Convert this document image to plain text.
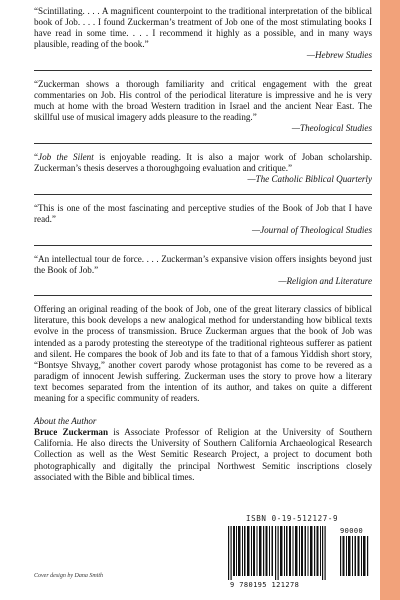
“Scintillating. . . . A magnificent counterpoint to the traditional interpretation of the biblical book of Job. . . . I found Zuckerman’s treatment of Job one of the most stimulating books I have read in some time. . . . I recommend it highly as a possible, and in many ways plausible, reading of the book.”
—Hebrew Studies
“Zuckerman shows a thorough familiarity and critical engagement with the great commentaries on Job. His control of the periodical literature is impressive and he is very much at home with the broad Western tradition in Israel and the ancient Near East. The skillful use of musical imagery adds pleasure to the reading.”
—Theological Studies
“Job the Silent is enjoyable reading. It is also a major work of Joban scholarship. Zuckerman’s thesis deserves a thoroughgoing evaluation and critique.”
—The Catholic Biblical Quarterly
“This is one of the most fascinating and perceptive studies of the Book of Job that I have read.”
—Journal of Theological Studies
“An intellectual tour de force. . . . Zuckerman’s expansive vision offers insights beyond just the Book of Job.”
—Religion and Literature

Offering an original reading of the book of Job, one of the great literary classics of biblical literature, this book develops a new analogical method for understanding how biblical texts evolve in the process of transmission. Bruce Zuckerman argues that the book of Job was intended as a parody protesting the stereotype of the traditional righteous sufferer as patient and silent. He compares the book of Job and its fate to that of a famous Yiddish short story, “Bontsye Shvayg,” another covert parody whose protagonist has come to be revered as a paradigm of innocent Jewish suffering. Zuckerman uses the story to prove how a literary text becomes separated from the intention of its author, and takes on quite a different meaning for a specific community of readers.

About the Author

Bruce Zuckerman is Associate Professor of Religion at the University of Southern California. He also directs the University of Southern California Archaeological Research Collection as well as the West Semitic Research Project, a project to document both photographically and digitally the principal Northwest Semitic inscriptions closely associated with the Bible and biblical times.

ISBN 0-19-512127-9
90000
9 780195 121278
Cover design by Dana Smith
